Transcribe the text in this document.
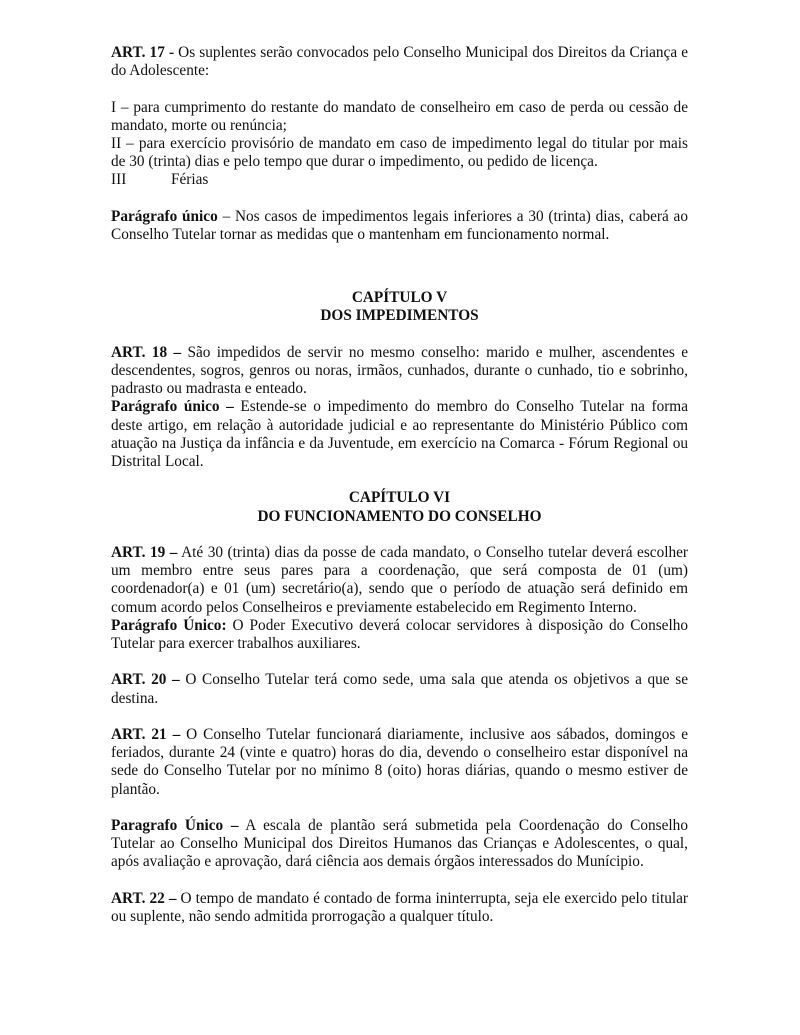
ART. 17 - Os suplentes serão convocados pelo Conselho Municipal dos Direitos da Criança e do Adolescente:

I – para cumprimento do restante do mandato de conselheiro em caso de perda ou cessão de mandato, morte ou renúncia;

II – para exercício provisório de mandato em caso de impedimento legal do titular por mais de 30 (trinta) dias e pelo tempo que durar o impedimento, ou pedido de licença.

III	Férias

Parágrafo único – Nos casos de impedimentos legais inferiores a 30 (trinta) dias, caberá ao Conselho Tutelar tornar as medidas que o mantenham em funcionamento normal.

CAPÍTULO V

DOS IMPEDIMENTOS

ART. 18 – São impedidos de servir no mesmo conselho: marido e mulher, ascendentes e descendentes, sogros, genros ou noras, irmãos, cunhados, durante o cunhado, tio e sobrinho, padrasto ou madrasta e enteado.

Parágrafo único – Estende-se o impedimento do membro do Conselho Tutelar na forma deste artigo, em relação à autoridade judicial e ao representante do Ministério Público com atuação na Justiça da infância e da Juventude, em exercício na Comarca - Fórum Regional ou Distrital Local.

CAPÍTULO VI

DO FUNCIONAMENTO DO CONSELHO

ART. 19 – Até 30 (trinta) dias da posse de cada mandato, o Conselho tutelar deverá escolher um membro entre seus pares para a coordenação, que será composta de 01 (um) coordenador(a) e 01 (um) secretário(a), sendo que o período de atuação será definido em comum acordo pelos Conselheiros e previamente estabelecido em Regimento Interno.

Parágrafo Único: O Poder Executivo deverá colocar servidores à disposição do Conselho Tutelar para exercer trabalhos auxiliares.

ART. 20 – O Conselho Tutelar terá como sede, uma sala que atenda os objetivos a que se destina.

ART. 21 – O Conselho Tutelar funcionará diariamente, inclusive aos sábados, domingos e feriados, durante 24 (vinte e quatro) horas do dia, devendo o conselheiro estar disponível na sede do Conselho Tutelar por no mínimo 8 (oito) horas diárias, quando o mesmo estiver de plantão.

Paragrafo Único – A escala de plantão será submetida pela Coordenação do Conselho Tutelar ao Conselho Municipal dos Direitos Humanos das Crianças e Adolescentes, o qual, após avaliação e aprovação, dará ciência aos demais órgãos interessados do Munícipio.

ART. 22 – O tempo de mandato é contado de forma ininterrupta, seja ele exercido pelo titular ou suplente, não sendo admitida prorrogação a qualquer título.
